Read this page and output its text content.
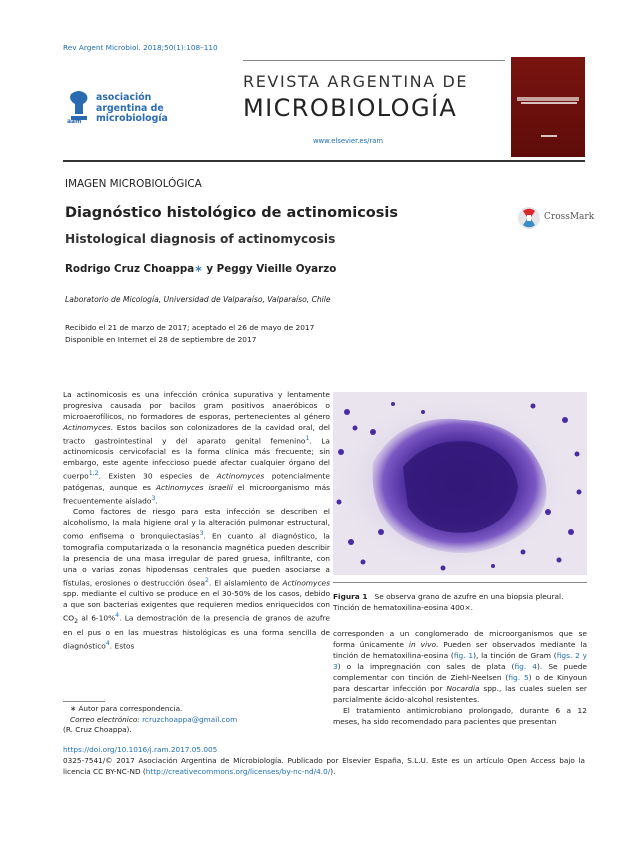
Rev Argent Microbiol. 2018;50(1):108–110
asociación
argentina de
microbiología
aam
REVISTA ARGENTINA DE
MICROBIOLOGÍA
www.elsevier.es/ram
IMAGEN MICROBIOLÓGICA
Diagnóstico histológico de actinomicosis
Histological diagnosis of actinomycosis
CrossMark
Rodrigo Cruz Choappa∗ y Peggy Vieille Oyarzo
Laboratorio de Micología, Universidad de Valparaíso, Valparaíso, Chile
Recibido el 21 de marzo de 2017; aceptado el 26 de mayo de 2017
Disponible en Internet el 28 de septiembre de 2017

La actinomicosis es una infección crónica supurativa y lentamente progresiva causada por bacilos gram positivos anaeróbicos o microaerofílicos, no formadores de esporas, pertenecientes al género Actinomyces. Estos bacilos son colonizadores de la cavidad oral, del tracto gastrointestinal y del aparato genital femenino$^1$. La actinomicosis cervicofacial es la forma clínica más frecuente; sin embargo, este agente infeccioso puede afectar cualquier órgano del cuerpo$^{1,2}$. Existen 30 especies de Actinomyces potencialmente patógenas, aunque es Actinomyces israelii el microorganismo más frecuentemente aislado$^3$.

Como factores de riesgo para esta infección se describen el alcoholismo, la mala higiene oral y la alteración pulmonar estructural, como enfisema o bronquiectasias$^3$. En cuanto al diagnóstico, la tomografía computarizada o la resonancia magnética pueden describir la presencia de una masa irregular de pared gruesa, infiltrante, con una o varias zonas hipodensas centrales que pueden asociarse a fístulas, erosiones o destrucción ósea$^2$. El aislamiento de Actinomyces spp. mediante el cultivo se produce en el 30-50% de los casos, debido a que son bacterias exigentes que requieren medios enriquecidos con $CO_2$ al 6-10%$^4$. La demostración de la presencia de granos de azufre en el pus o en las muestras histológicas es una forma sencilla de diagnóstico$^4$. Estos

Figura 1 Se observa grano de azufre en una biopsia pleural. Tinción de hematoxilina-eosina 400×.

corresponden a un conglomerado de microorganismos que se forma únicamente in vivo. Pueden ser observados mediante la tinción de hematoxilina-eosina (fig. 1), la tinción de Gram (figs. 2 y 3) o la impregnación con sales de plata (fig. 4). Se puede complementar con tinción de Ziehl-Neelsen (fig. 5) o de Kinyoun para descartar infección por Nocardia spp., las cuales suelen ser parcialmente ácido-alcohol resistentes.

El tratamiento antimicrobiano prolongado, durante 6 a 12 meses, ha sido recomendado para pacientes que presentan

∗ Autor para correspondencia.
Correo electrónico: rcruzchoappa@gmail.com
(R. Cruz Choappa).
https://doi.org/10.1016/j.ram.2017.05.005
0325-7541/© 2017 Asociación Argentina de Microbiología. Publicado por Elsevier España, S.L.U. Este es un artículo Open Access bajo la licencia CC BY-NC-ND (http://creativecommons.org/licenses/by-nc-nd/4.0/).
